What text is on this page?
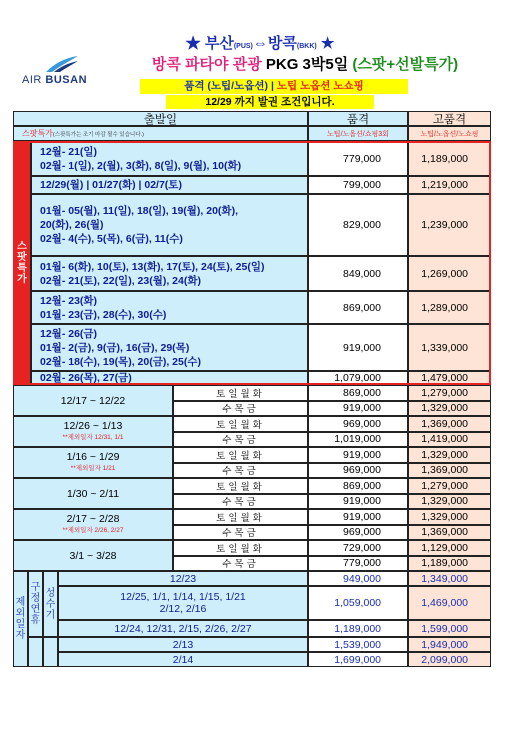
★ 부산(PUS)⇔방콕(BKK) ★
AIR BUSAN
방콕 파타야 관광 PKG 3박5일 (스팟+선발특가)
품격 (노팁/노옵션) | 노팁 노옵션 노쇼핑
12/29 까지 발권 조건입니다.
출발일
스팟특가 (스팟특가는 조기 마감 될수 있습니다.)
품격
노팁/노옵션/쇼핑3회
고품격
노팁/노옵션/노쇼핑
12월- 21(일)
02월- 1(일), 2(월), 3(화), 8(일), 9(월), 10(화)
779,000	1,189,000
12/29(월) | 01/27(화) | 02/7(토)	799,000	1,219,000
01월- 05(월), 11(일), 18(일), 19(월), 20(화),
20(화), 26(월)
02월- 4(수), 5(목), 6(금), 11(수)
829,000	1,239,000
01월- 6(화), 10(토), 13(화), 17(토), 24(토), 25(일)
02월- 21(토), 22(일), 23(월), 24(화)
849,000	1,269,000
12월- 23(화)
01월- 23(금), 28(수), 30(수)
869,000	1,289,000
12월- 26(금)
01월- 2(금), 9(금), 16(금), 29(목)
02월- 18(수), 19(목), 20(금), 25(수)
919,000	1,339,000
02월- 26(목), 27(금)	1,079,000	1,479,000
스
팟
특
가
12/17 ~ 12/22
토일월화	869,000	1,279,000
수목금	919,000	1,329,000
12/26 ~ 1/13
**제외일자 12/31, 1/1
토일월화	969,000	1,369,000
수목금	1,019,000	1,419,000
1/16 ~ 1/29
**제외일자 1/21
토일월화	919,000	1,329,000
수목금	969,000	1,369,000
1/30 ~ 2/11
토일월화	869,000	1,279,000
수목금	919,000	1,329,000
2/17 ~ 2/28
**제외일자 2/26, 2/27
토일월화	919,000	1,329,000
수목금	969,000	1,369,000
3/1 ~ 3/28
토일월화	729,000	1,129,000
수목금	779,000	1,189,000
제
외
일
자
구
정
연
휴
성
수
기
12/23	949,000	1,349,000
12/25, 1/1, 1/14, 1/15, 1/21
2/12, 2/16	1,059,000	1,469,000
12/24, 12/31, 2/15, 2/26, 2/27	1,189,000	1,599,000
2/13	1,539,000	1,949,000
2/14	1,699,000	2,099,000
